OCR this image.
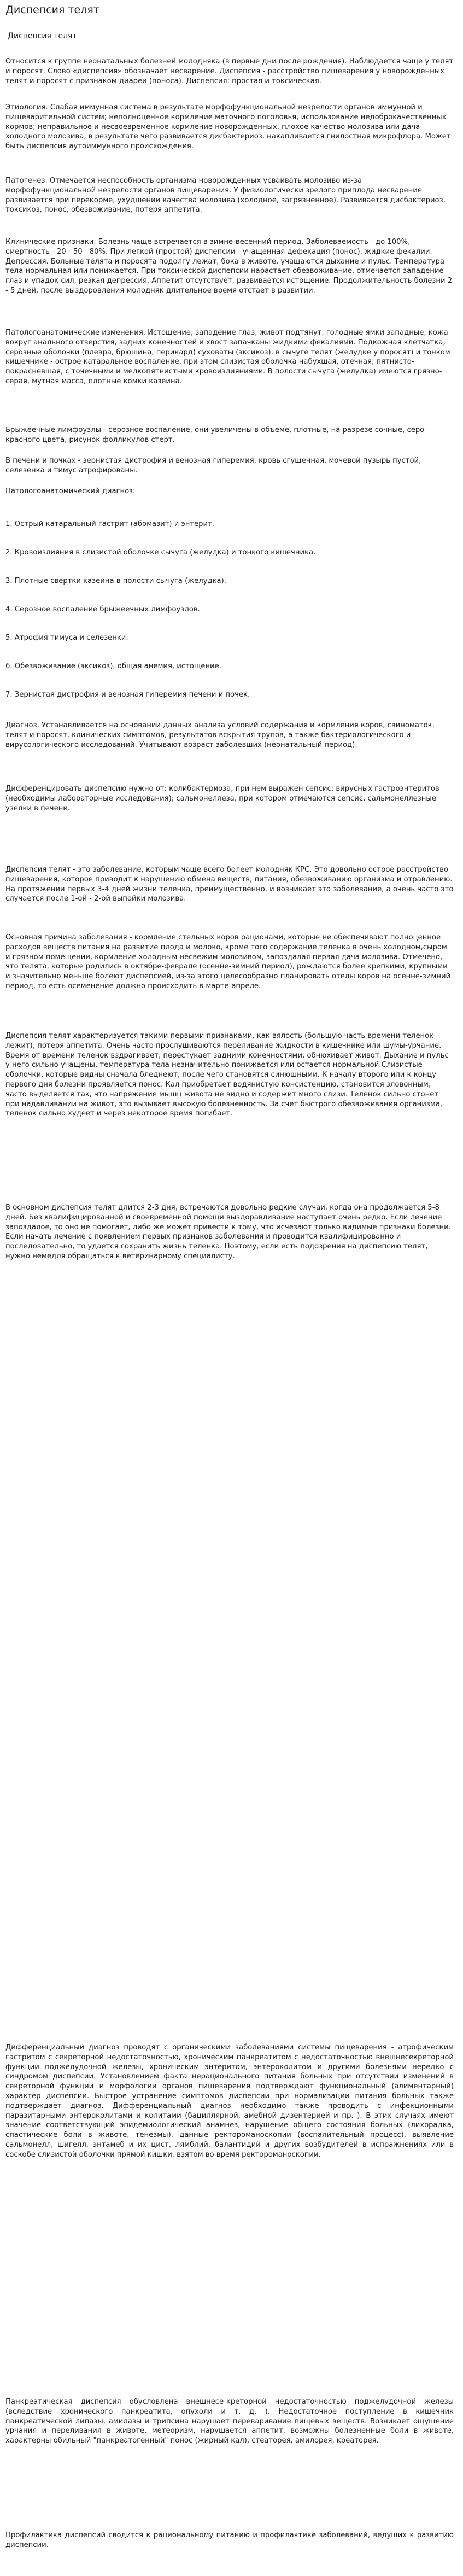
Диспепсия телят
Диспепсия телят

Относится к группе неонатальных болезней молодняка (в первые дни после рождения). Наблюдается чаще у телят и поросят. Слово «диспепсия» обозначает несварение. Диспепсия - расстройство пищеварения у новорожденных телят и поросят с признаком диареи (поноса). Диспепсия: простая и токсическая.

Этиология. Слабая иммунная система в результате морфофункциональной незрелости органов иммунной и пищеварительной систем; неполноценное кормление маточного поголовья, использование недоброкачественных кормов; неправильное и несвоевременное кормление новорожденных, плохое качество молозива или дача холодного молозива, в результате чего развивается дисбактериоз, накапливается гнилостная микрофлора. Может быть диспепсия аутоиммунного происхождения.

Патогенез. Отмечается неспособность организма новорожденных усваивать молозиво из-за морфофункциональной незрелости органов пищеварения. У физиологически зрелого приплода несварение развивается при перекорме, ухудшении качества молозива (холодное, загрязненное). Развивается дисбактериоз, токсикоз, понос, обезвоживание, потеря аппетита.

Клинические признаки. Болезнь чаще встречается в зимне-весенний период. Заболеваемость - до 100%, смертность - 20 - 50 - 80%. При легкой (простой) диспепсии - учащенная дефекация (понос), жидкие фекалии. Депрессия. Больные телята и поросята подолгу лежат, бока в животе, учащаются дыхание и пульс. Температура тела нормальная или понижается. При токсической диспепсии нарастает обезвоживание, отмечается западение глаз и упадок сил, резкая депрессия. Аппетит отсутствует, развивается истощение. Продолжительность болезни 2 - 5 дней, после выздоровления молодняк длительное время отстает в развитии.

Патологоанатомические изменения. Истощение, западение глаз, живот подтянут, голодные ямки западные, кожа вокруг анального отверстия, задних конечностей и хвост запачканы жидкими фекалиями. Подкожная клетчатка, серозные оболочки (плевра, брюшина, перикард) суховаты (эксикоз), в сычуге телят (желудке у поросят) и тонком кишечнике - острое катаральное воспаление, при этом слизистая оболочка набухшая, отечная, пятнисто-покрасневшая, с точечными и мелкопятнистыми кровоизлияниями. В полости сычуга (желудка) имеются грязно-серая, мутная масса, плотные комки казеина.

Брыжеечные лимфоузлы - серозное воспаление, они увеличены в объеме, плотные, на разрезе сочные, серо-красного цвета, рисунок фолликулов стерт.

В печени и почках - зернистая дистрофия и венозная гиперемия, кровь сгущенная, мочевой пузырь пустой, селезенка и тимус атрофированы.

Патологоанатомический диагноз:

1. Острый катаральный гастрит (абомазит) и энтерит.

2. Кровоизлияния в слизистой оболочке сычуга (желудка) и тонкого кишечника.

3. Плотные свертки казеина в полости сычуга (желудка).

4. Серозное воспаление брыжеечных лимфоузлов.

5. Атрофия тимуса и селезенки.

6. Обезвоживание (эксикоз), общая анемия, истощение.

7. Зернистая дистрофия и венозная гиперемия печени и почек.

Диагноз. Устанавливается на основании данных анализа условий содержания и кормления коров, свиноматок, телят и поросят, клинических симптомов, результатов вскрытия трупов, а также бактериологического и вирусологического исследований. Учитывают возраст заболевших (неонатальный период).

Дифференцировать диспепсию нужно от: колибактериоза, при нем выражен сепсис; вирусных гастроэнтеритов (необходимы лабораторные исследования); сальмонеллеза, при котором отмечаются сепсис, сальмонеллезные узелки в печени.

Диспепсия телят - это заболевание, которым чаще всего болеет молодняк КРС. Это довольно острое расстройство пищеварения, которое приводит к нарушению обмена веществ, питания, обезвоживанию организма и отравлению. На протяжении первых 3-4 дней жизни теленка, преимущественно, и возникает это заболевание, а очень часто это случается после 1-ой - 2-ой выпойки молозива.

Основная причина заболевания - кормление стельных коров рационами, которые не обеспечивают полноценное расходов веществ питания на развитие плода и молоко, кроме того содержание теленка в очень холодном,сыром и грязном помещении, кормление холодным несвежим молозивом, запоздалая первая дача молозива. Отмечено, что телята, которые родились в октябре-феврале (осенне-зимний период), рождаются более крепкими, крупными и значительно меньше болеют диспепсией, из-за этого целесообразно планировать отелы коров на осенне-зимний период, то есть осеменение должно происходить в марте-апреле.

Диспепсия телят характеризуется такими первыми признаками, как вялость (большую часть времени теленок лежит), потеря аппетита. Очень часто прослушиваются переливание жидкости в кишечнике или шумы-урчание. Время от времени теленок вздрагивает, перестукает задними конечностями, обнюхивает живот. Дыхание и пульс у него сильно учащены, температура тела незначительно понижается или остается нормальной.Слизистые оболочки, которые видны сначала бледнеют, после чего становятся синюшными. К началу второго или к концу первого дня болезни проявляется понос. Кал приобретает водянистую консистенцию, становится зловонным, часто выделяется так, что напряжение мышц живота не видно и содержит много слизи. Теленок сильно стонет при надавливании на живот, это вызывает высокую болезненность. За счет быстрого обезвоживания организма, теленок сильно худеет и через некоторое время погибает.

В основном диспепсия телят длится 2-3 дня, встречаются довольно редкие случаи, когда она продолжается 5-8 дней. Без квалифицированной и своевременной помощи выздоравливание наступает очень редко. Если лечение запоздалое, то оно не помогает, либо же может привести к тому, что исчезают только видимые признаки болезни. Если начать лечение с появлением первых признаков заболевания и проводится квалифицированно и последовательно, то удается сохранить жизнь теленка. Поэтому, если есть подозрения на диспепсию телят, нужно немедля обращаться к ветеринарному специалисту.

Дифференциальный диагноз проводят с органическими заболеваниями системы пищеварения - атрофическим гастритом с секреторной недостаточностью, хроническим панкреатитом с недостаточностью внешнесекреторной функции поджелудочной железы, хроническим энтеритом, энтероколитом и другими болезнями нередко с синдромом диспепсии. Установлением факта нерационального питания больных при отсутствии изменений в секреторной функции и морфологии органов пищеварения подтверждают функциональный (алиментарный) характер диспепсии. Быстрое устранение симптомов диспепсии при нормализации питания больных также подтверждает диагноз. Дифференциальный диагноз необходимо также проводить с инфекционными паразитарными энтероколитами и колитами (бациллярной, амебной дизентерией и пр. ). В этих случаях имеют значение соответствующий эпидемиологический анамнез, нарушение общего состояния больных (лихорадка, спастические боли в животе, тенезмы), данные ректороманоскопии (воспалительный процесс), выявление сальмонелл, шигелл, энтамеб и их цист, лямблий, балантидий и других возбудителей в испражнениях или в соскобе слизистой оболочки прямой кишки, взятом во время ректороманоскопии.

Панкреатическая диспепсия обусловлена внешнесе-креторной недостаточностью поджелудочной железы (вследствие хронического панкреатита, опухоли и т. д. ). Недостаточное поступление в кишечник панкреатической липазы, амилазы и трипсина нарушает переваривание пищевых веществ. Возникает ощущение урчания и переливания в животе, метеоризм, нарушается аппетит, возможны болезненные боли в животе, характерны обильный "панкреатогенный" понос (жирный кал), стеаторея, амилорея, креаторея.

Профилактика диспепсий сводится к рациональному питанию и профилактике заболеваний, ведущих к развитию диспепсии.
